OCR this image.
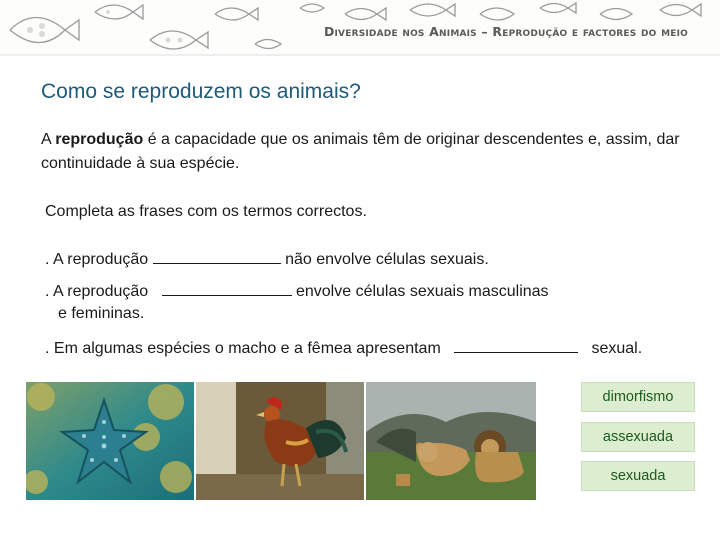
Diversidade nos Animais – Reprodução e factores do meio
Como se reproduzem os animais?
A reprodução é a capacidade que os animais têm de originar descendentes e, assim, dar continuidade à sua espécie.
Completa as frases com os termos correctos.
. A reprodução	não envolve células sexuais.
. A reprodução	envolve células sexuais masculinas
e femininas.
. Em algumas espécies o macho e a fêmea apresentam	sexual.
dimorfismo
assexuada
sexuada
